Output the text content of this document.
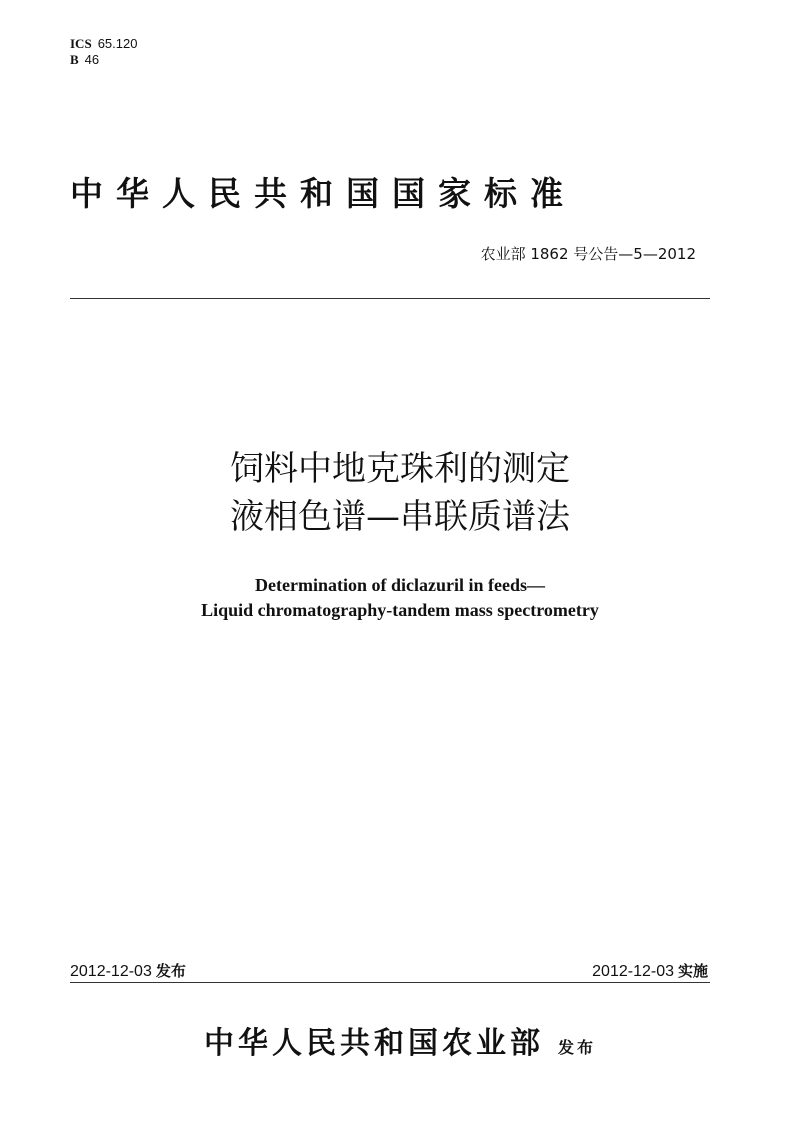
ICS 65.120
B 46
中华人民共和国国家标准
农业部 1862 号公告—5—2012
饲料中地克珠利的测定
液相色谱—串联质谱法
Determination of diclazuril in feeds—
Liquid chromatography-tandem mass spectrometry
2012-12-03 发布	2012-12-03 实施
中华人民共和国农业部 发布
